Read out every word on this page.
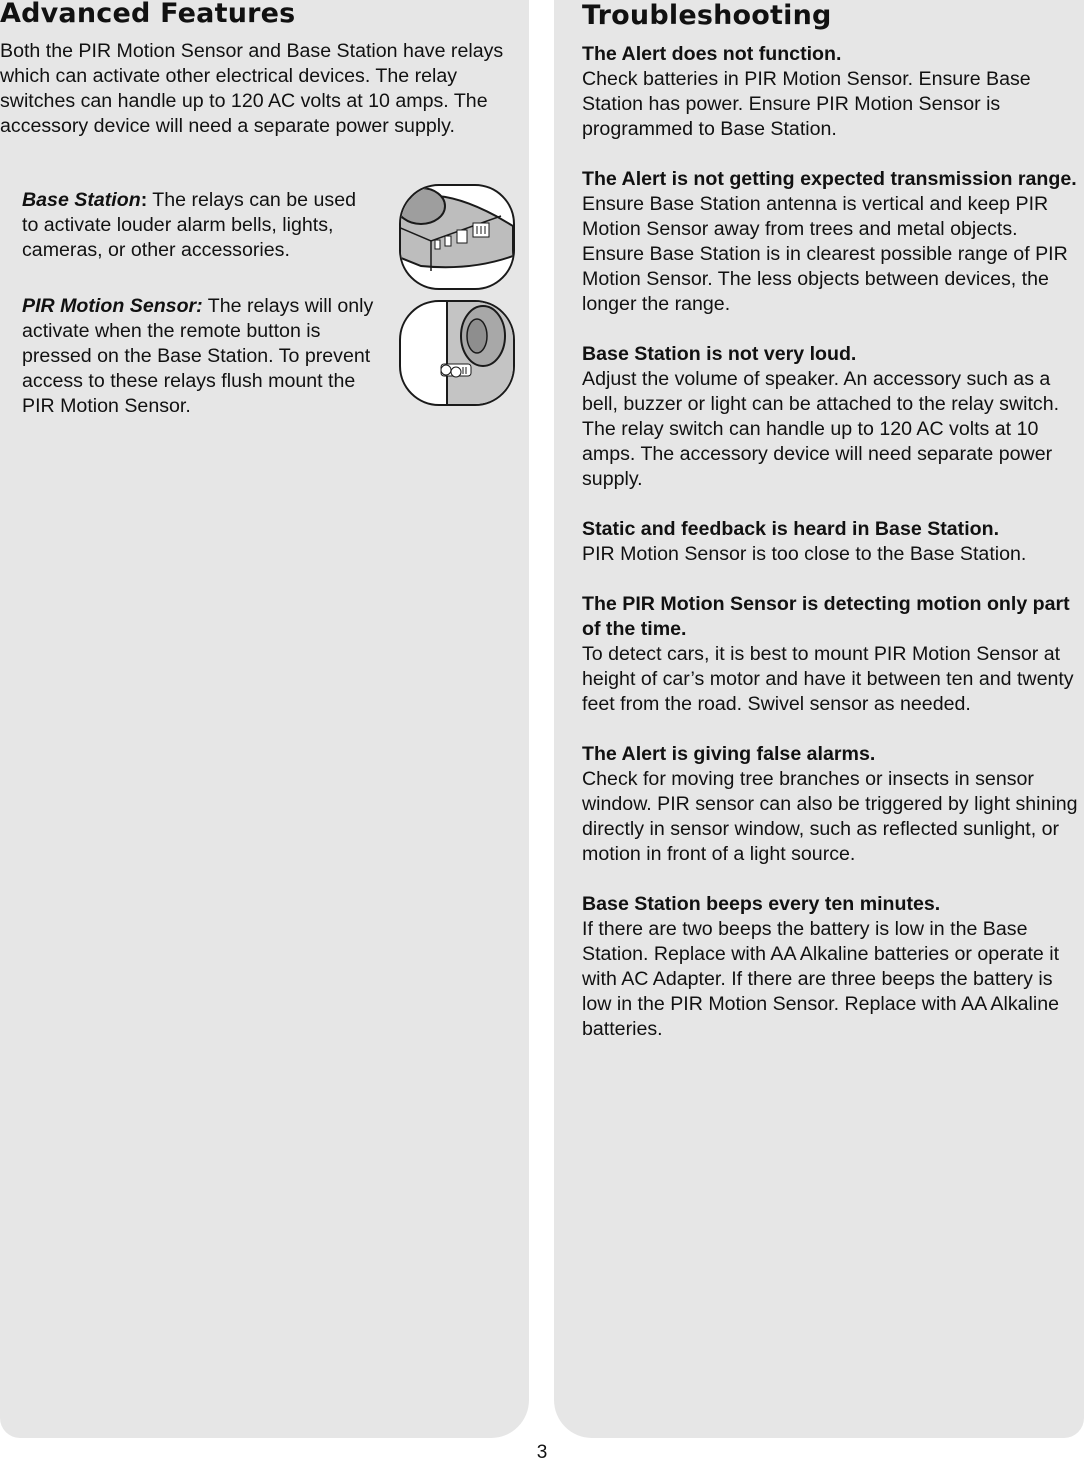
Advanced Features

Both the PIR Motion Sensor and Base Station have relays which can activate other electrical devices. The relay switches can handle up to 120 AC volts at 10 amps. The accessory device will need a separate power supply.

Base Station: The relays can be used to activate louder alarm bells, lights, cameras, or other accessories.

PIR Motion Sensor: The relays will only activate when the remote button is pressed on the Base Station. To prevent access to these relays flush mount the PIR Motion Sensor.

Troubleshooting

The Alert does not function.
Check batteries in PIR Motion Sensor. Ensure Base Station has power. Ensure PIR Motion Sensor is programmed to Base Station.

The Alert is not getting expected transmission range.
Ensure Base Station antenna is vertical and keep PIR Motion Sensor away from trees and metal objects. Ensure Base Station is in clearest possible range of PIR Motion Sensor. The less objects between devices, the longer the range.

Base Station is not very loud.
Adjust the volume of speaker. An accessory such as a bell, buzzer or light can be attached to the relay switch. The relay switch can handle up to 120 AC volts at 10 amps. The accessory device will need separate power supply.

Static and feedback is heard in Base Station.
PIR Motion Sensor is too close to the Base Station.

The PIR Motion Sensor is detecting motion only part of the time.
To detect cars, it is best to mount PIR Motion Sensor at height of car’s motor and have it between ten and twenty feet from the road. Swivel sensor as needed.

The Alert is giving false alarms.
Check for moving tree branches or insects in sensor window. PIR sensor can also be triggered by light shining directly in sensor window, such as reflected sunlight, or motion in front of a light source.

Base Station beeps every ten minutes.
If there are two beeps the battery is low in the Base Station. Replace with AA Alkaline batteries or operate it with AC Adapter. If there are three beeps the battery is low in the PIR Motion Sensor. Replace with AA Alkaline batteries.

3
